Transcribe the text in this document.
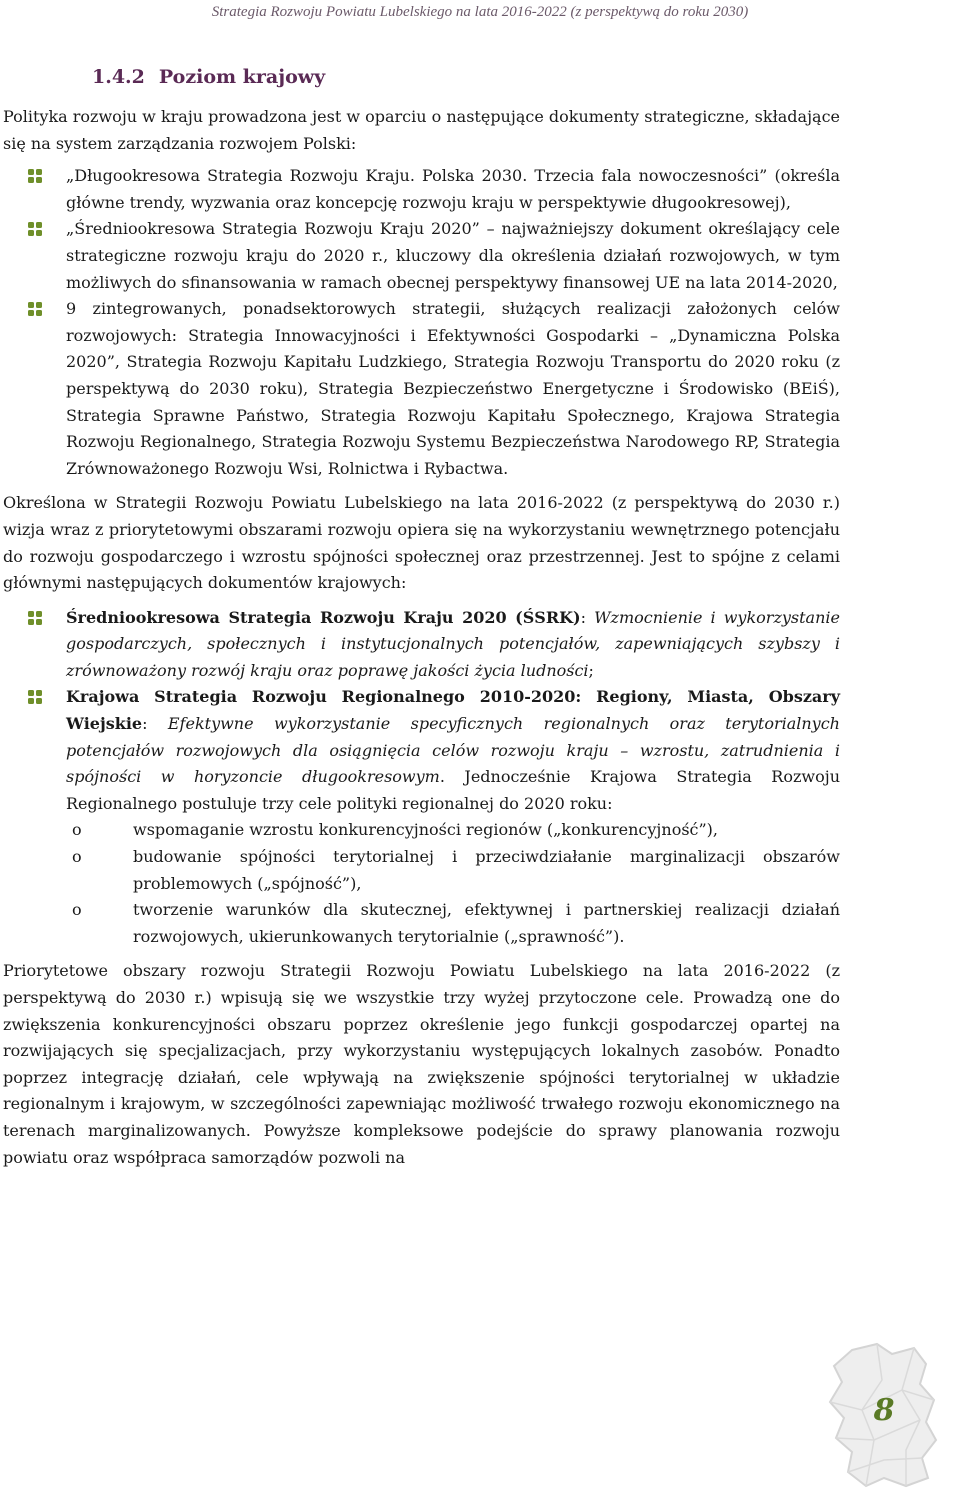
Strategia Rozwoju Powiatu Lubelskiego na lata 2016-2022 (z perspektywą do roku 2030)
1.4.2 Poziom krajowy

Polityka rozwoju w kraju prowadzona jest w oparciu o następujące dokumenty strategiczne, składające się na system zarządzania rozwojem Polski:

„Długookresowa Strategia Rozwoju Kraju. Polska 2030. Trzecia fala nowoczesności” (określa główne trendy, wyzwania oraz koncepcję rozwoju kraju w perspektywie długookresowej),
„Średniookresowa Strategia Rozwoju Kraju 2020” – najważniejszy dokument określający cele strategiczne rozwoju kraju do 2020 r., kluczowy dla określenia działań rozwojowych, w tym możliwych do sfinansowania w ramach obecnej perspektywy finansowej UE na lata 2014-2020,
9 zintegrowanych, ponadsektorowych strategii, służących realizacji założonych celów rozwojowych: Strategia Innowacyjności i Efektywności Gospodarki – „Dynamiczna Polska 2020”, Strategia Rozwoju Kapitału Ludzkiego, Strategia Rozwoju Transportu do 2020 roku (z perspektywą do 2030 roku), Strategia Bezpieczeństwo Energetyczne i Środowisko (BEiŚ), Strategia Sprawne Państwo, Strategia Rozwoju Kapitału Społecznego, Krajowa Strategia Rozwoju Regionalnego, Strategia Rozwoju Systemu Bezpieczeństwa Narodowego RP, Strategia Zrównoważonego Rozwoju Wsi, Rolnictwa i Rybactwa.

Określona w Strategii Rozwoju Powiatu Lubelskiego na lata 2016-2022 (z perspektywą do 2030 r.) wizja wraz z priorytetowymi obszarami rozwoju opiera się na wykorzystaniu wewnętrznego potencjału do rozwoju gospodarczego i wzrostu spójności społecznej oraz przestrzennej. Jest to spójne z celami głównymi następujących dokumentów krajowych:

Średniookresowa Strategia Rozwoju Kraju 2020 (ŚSRK): Wzmocnienie i wykorzystanie gospodarczych, społecznych i instytucjonalnych potencjałów, zapewniających szybszy i zrównoważony rozwój kraju oraz poprawę jakości życia ludności;
Krajowa Strategia Rozwoju Regionalnego 2010-2020: Regiony, Miasta, Obszary Wiejskie: Efektywne wykorzystanie specyficznych regionalnych oraz terytorialnych potencjałów rozwojowych dla osiągnięcia celów rozwoju kraju – wzrostu, zatrudnienia i spójności w horyzoncie długookresowym. Jednocześnie Krajowa Strategia Rozwoju Regionalnego postuluje trzy cele polityki regionalnej do 2020 roku:
o	wspomaganie wzrostu konkurencyjności regionów („konkurencyjność”),
o	budowanie spójności terytorialnej i przeciwdziałanie marginalizacji obszarów problemowych („spójność”),
o	tworzenie warunków dla skutecznej, efektywnej i partnerskiej realizacji działań rozwojowych, ukierunkowanych terytorialnie („sprawność”).

Priorytetowe obszary rozwoju Strategii Rozwoju Powiatu Lubelskiego na lata 2016-2022 (z perspektywą do 2030 r.) wpisują się we wszystkie trzy wyżej przytoczone cele. Prowadzą one do zwiększenia konkurencyjności obszaru poprzez określenie jego funkcji gospodarczej opartej na rozwijających się specjalizacjach, przy wykorzystaniu występujących lokalnych zasobów. Ponadto poprzez integrację działań, cele wpływają na zwiększenie spójności terytorialnej w układzie regionalnym i krajowym, w szczególności zapewniając możliwość trwałego rozwoju ekonomicznego na terenach marginalizowanych. Powyższe kompleksowe podejście do sprawy planowania rozwoju powiatu oraz współpraca samorządów pozwoli na

8
